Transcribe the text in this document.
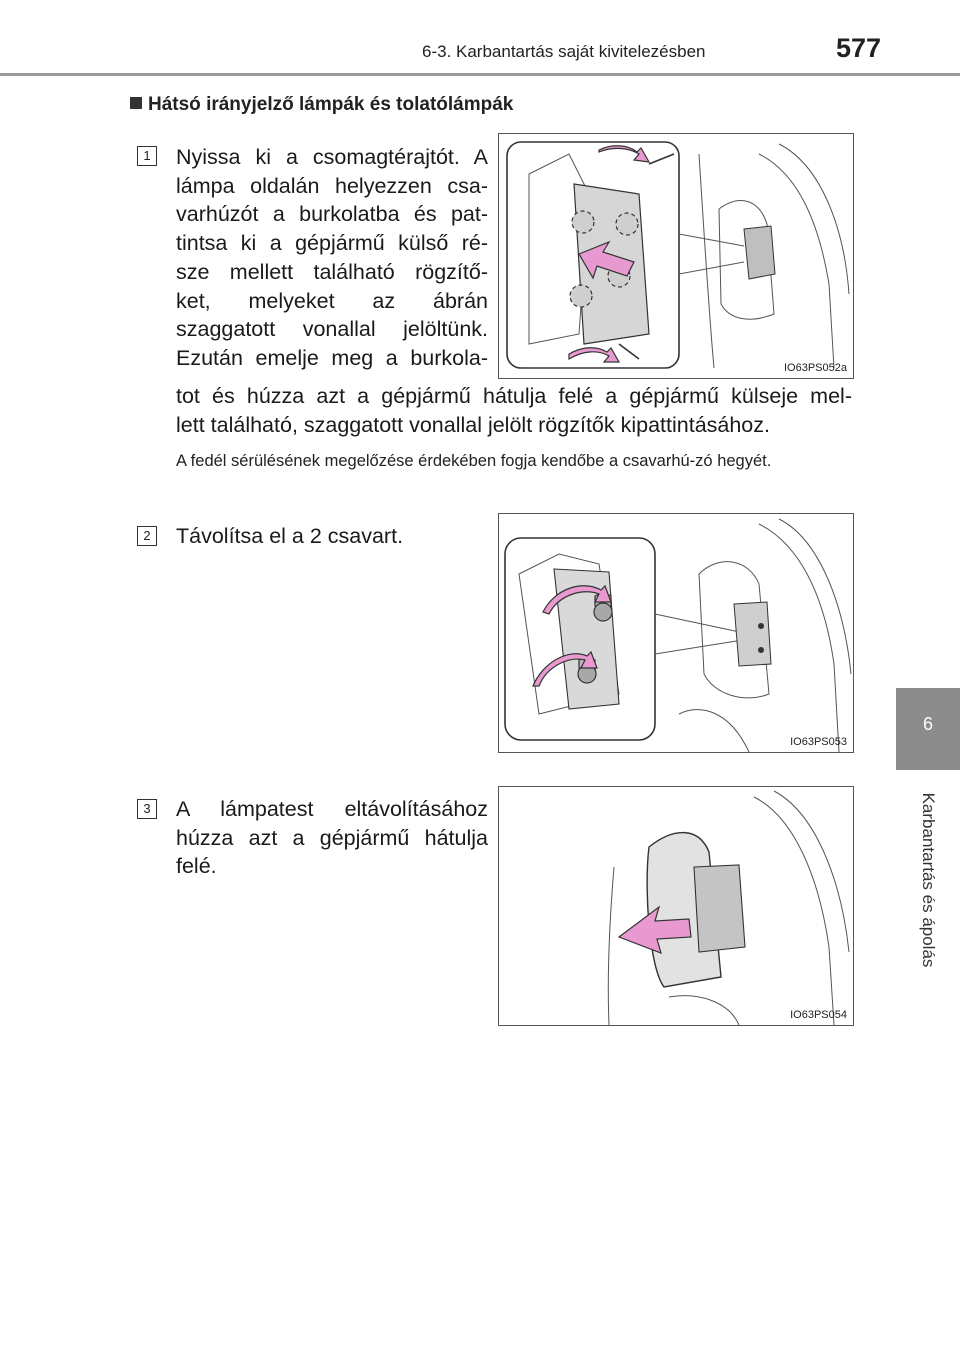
6-3. Karbantartás saját kivitelezésben	577
6
Karbantartás és ápolás
Hátsó irányjelző lámpák és tolatólámpák
1 Nyissa ki a csomagtérajtót. A
lámpa oldalán helyezzen csa-
varhúzót a burkolatba és pat-
tintsa ki a gépjármű külső ré-
sze mellett található rögzítő-
ket, melyeket az ábrán
szaggatott vonallal jelöltünk.
Ezután emelje meg a burkola-
tot és húzza azt a gépjármű hátulja felé a gépjármű külseje mel-
lett található, szaggatott vonallal jelölt rögzítők kipattintásához.
A fedél sérülésének megelőzése érdekében fogja kendőbe a csavarhú-zó hegyét.
IO63PS052a
2 Távolítsa el a 2 csavart.
IO63PS053
3 A lámpatest eltávolításához
húzza azt a gépjármű hátulja
felé.
IO63PS054
